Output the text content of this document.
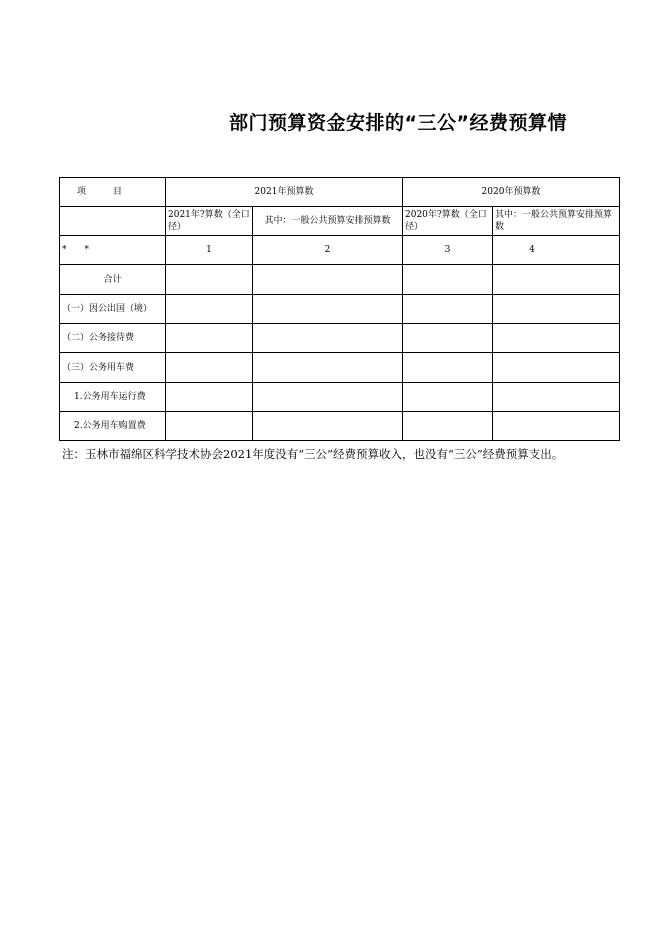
部门预算资金安排的“三公”经费预算情
项　　　目	2021年预算数		2020年预算数	
	2021年?算数（全口径）	其中：一般公共预算安排预算数	2020年?算数（全口径）	其中：一般公共预算安排预算数
*　　*	1	2	3	4
合计				
（一）因公出国（境）				
（二）公务接待费				
（三）公务用车费				
1.公务用车运行费				
2.公务用车购置费				
注：玉林市福绵区科学技术协会2021年度没有“三公”经费预算收入，也没有“三公”经费预算支出。
